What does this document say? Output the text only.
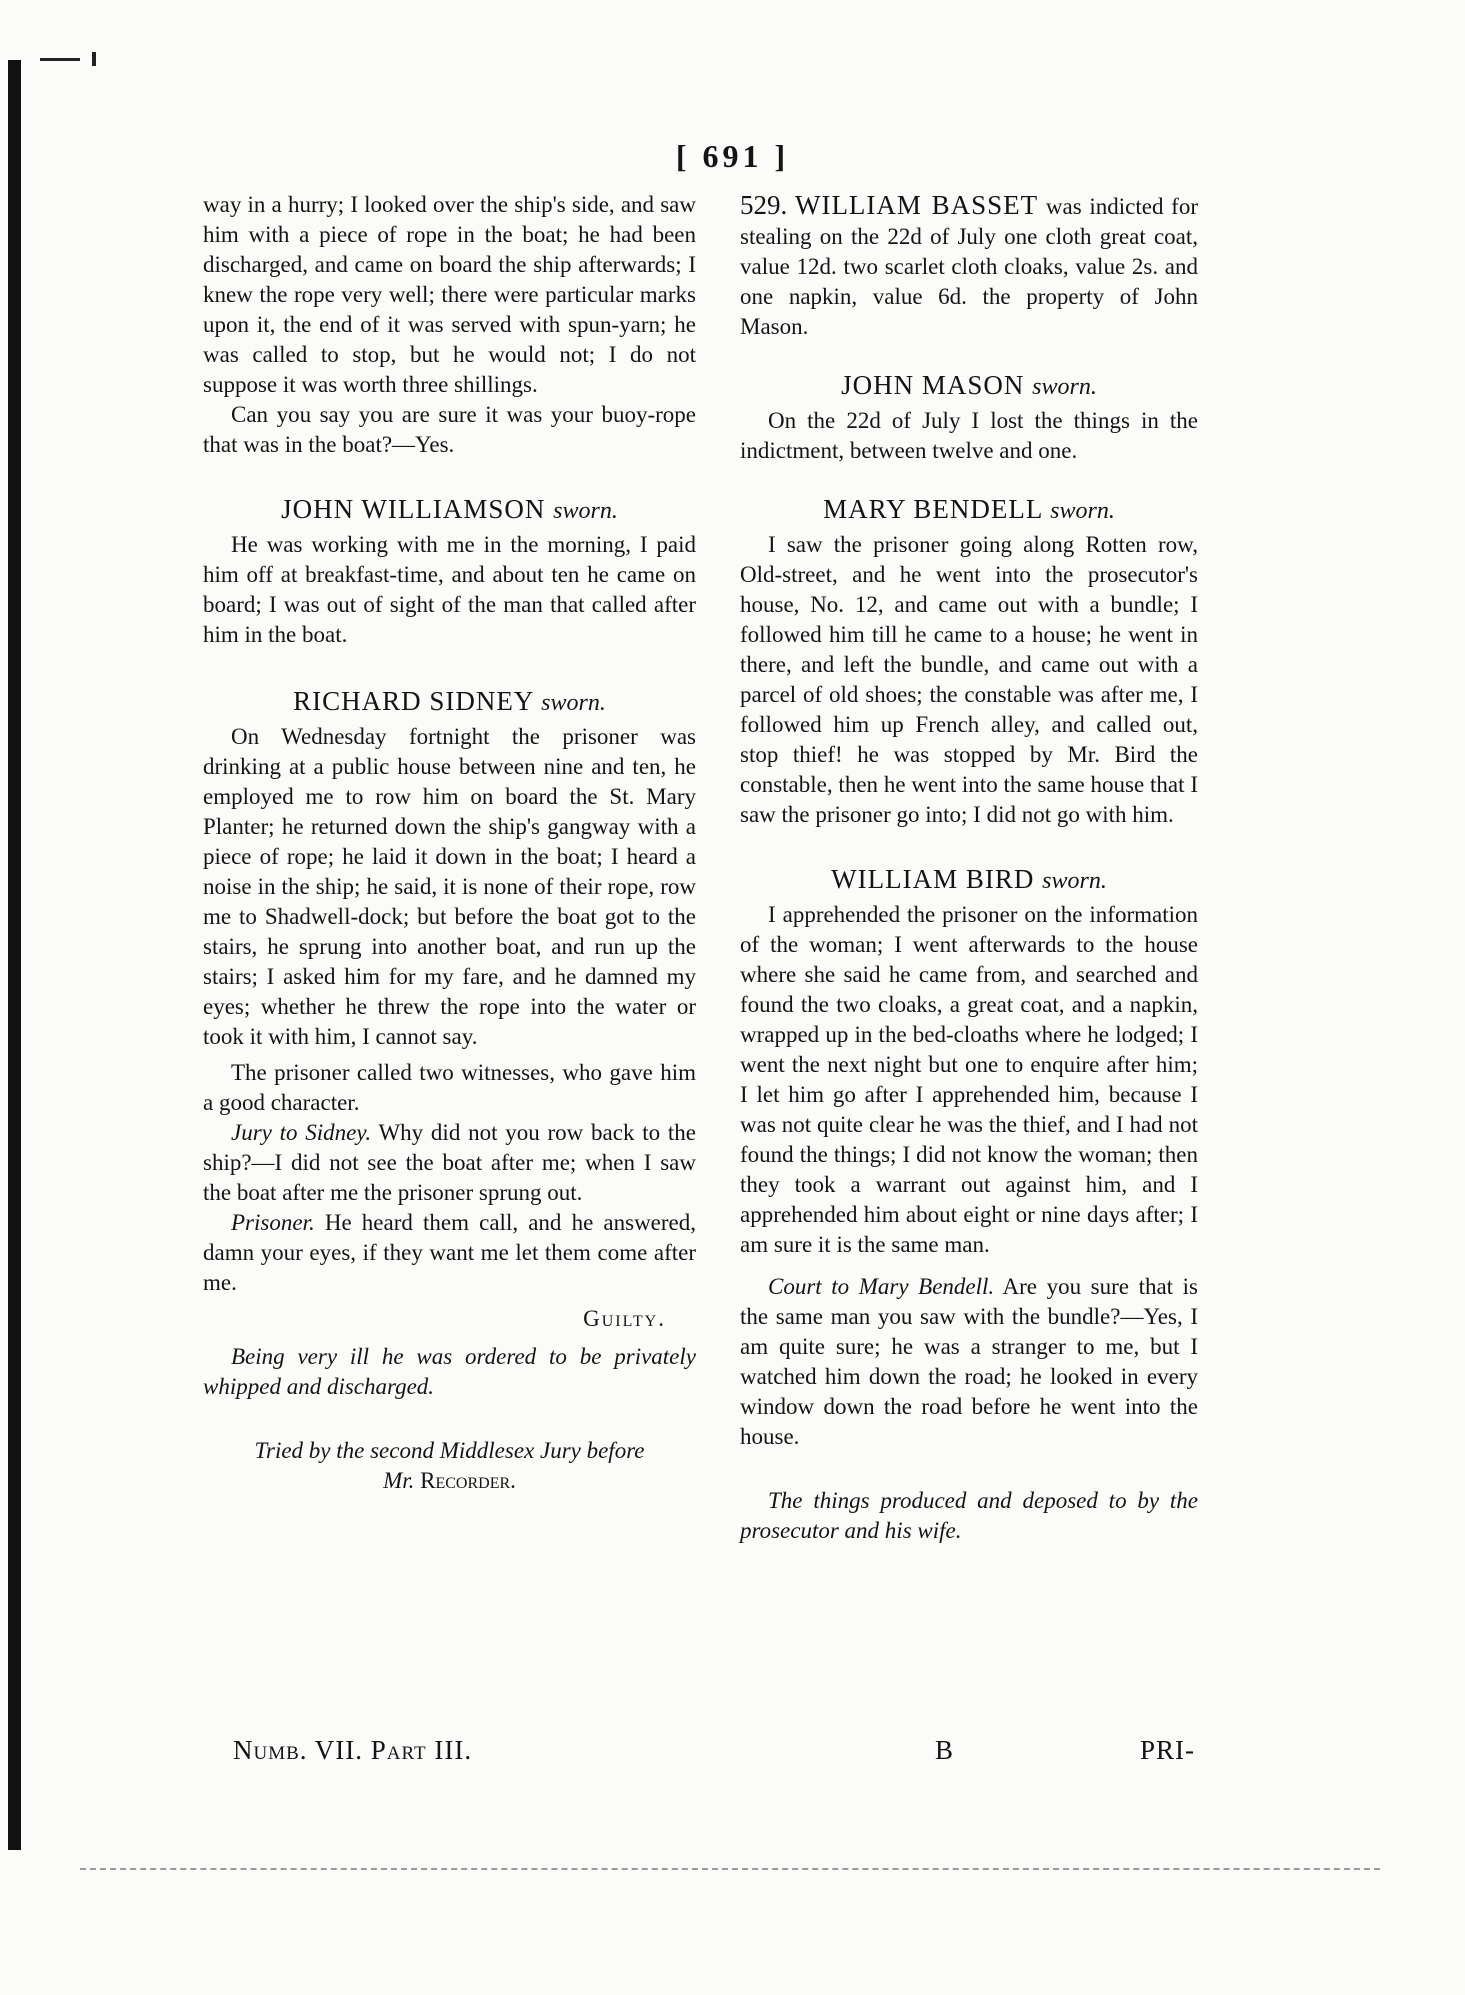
[ 691 ]

way in a hurry; I looked over the ship's side, and saw him with a piece of rope in the boat; he had been discharged, and came on board the ship afterwards; I knew the rope very well; there were particular marks upon it, the end of it was served with spun-yarn; he was called to stop, but he would not; I do not suppose it was worth three shillings.

Can you say you are sure it was your buoy-rope that was in the boat?—Yes.

JOHN WILLIAMSON sworn.

He was working with me in the morning, I paid him off at breakfast-time, and about ten he came on board; I was out of sight of the man that called after him in the boat.

RICHARD SIDNEY sworn.

On Wednesday fortnight the prisoner was drinking at a public house between nine and ten, he employed me to row him on board the St. Mary Planter; he returned down the ship's gangway with a piece of rope; he laid it down in the boat; I heard a noise in the ship; he said, it is none of their rope, row me to Shadwell-dock; but before the boat got to the stairs, he sprung into another boat, and run up the stairs; I asked him for my fare, and he damned my eyes; whether he threw the rope into the water or took it with him, I cannot say.

The prisoner called two witnesses, who gave him a good character.

Jury to Sidney. Why did not you row back to the ship?—I did not see the boat after me; when I saw the boat after me the prisoner sprung out.

Prisoner. He heard them call, and he answered, damn your eyes, if they want me let them come after me.

Guilty.

Being very ill he was ordered to be privately whipped and discharged.

Tried by the second Middlesex Jury before
Mr. Recorder.

529. WILLIAM BASSET was indicted for stealing on the 22d of July one cloth great coat, value 12d. two scarlet cloth cloaks, value 2s. and one napkin, value 6d. the property of John Mason.

JOHN MASON sworn.

On the 22d of July I lost the things in the indictment, between twelve and one.

MARY BENDELL sworn.

I saw the prisoner going along Rotten row, Old-street, and he went into the prosecutor's house, No. 12, and came out with a bundle; I followed him till he came to a house; he went in there, and left the bundle, and came out with a parcel of old shoes; the constable was after me, I followed him up French alley, and called out, stop thief! he was stopped by Mr. Bird the constable, then he went into the same house that I saw the prisoner go into; I did not go with him.

WILLIAM BIRD sworn.

I apprehended the prisoner on the information of the woman; I went afterwards to the house where she said he came from, and searched and found the two cloaks, a great coat, and a napkin, wrapped up in the bed-cloaths where he lodged; I went the next night but one to enquire after him; I let him go after I apprehended him, because I was not quite clear he was the thief, and I had not found the things; I did not know the woman; then they took a warrant out against him, and I apprehended him about eight or nine days after; I am sure it is the same man.

Court to Mary Bendell. Are you sure that is the same man you saw with the bundle?—Yes, I am quite sure; he was a stranger to me, but I watched him down the road; he looked in every window down the road before he went into the house.

The things produced and deposed to by the prosecutor and his wife.

Numb. VII. Part III.	B	PRI-
